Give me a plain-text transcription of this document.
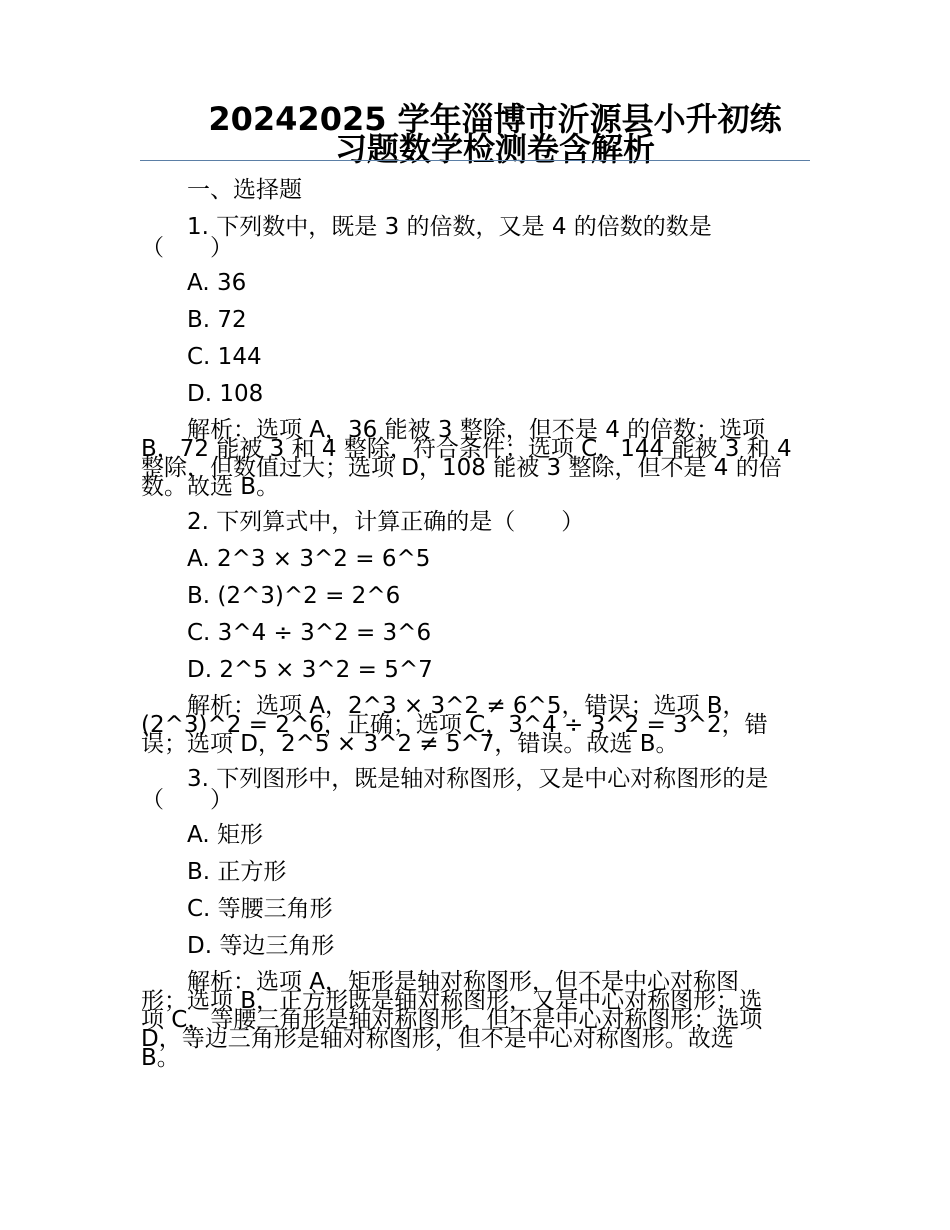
20242025 学年淄博市沂源县小升初练
习题数学检测卷含解析
一、选择题
1. 下列数中，既是 3 的倍数，又是 4 的倍数的数是
（　　）
A. 36
B. 72
C. 144
D. 108
解析：选项 A，36 能被 3 整除，但不是 4 的倍数；选项
B，72 能被 3 和 4 整除，符合条件；选项 C，144 能被 3 和 4
整除，但数值过大；选项 D，108 能被 3 整除，但不是 4 的倍
数。故选 B。
2. 下列算式中，计算正确的是（　　）
A. 2^3 × 3^2 = 6^5
B. (2^3)^2 = 2^6
C. 3^4 ÷ 3^2 = 3^6
D. 2^5 × 3^2 = 5^7
解析：选项 A，2^3 × 3^2 ≠ 6^5，错误；选项 B，
(2^3)^2 = 2^6，正确；选项 C，3^4 ÷ 3^2 = 3^2，错
误；选项 D，2^5 × 3^2 ≠ 5^7，错误。故选 B。
3. 下列图形中，既是轴对称图形，又是中心对称图形的是
（　　）
A. 矩形
B. 正方形
C. 等腰三角形
D. 等边三角形
解析：选项 A，矩形是轴对称图形，但不是中心对称图
形；选项 B，正方形既是轴对称图形，又是中心对称图形；选
项 C，等腰三角形是轴对称图形，但不是中心对称图形；选项
D，等边三角形是轴对称图形，但不是中心对称图形。故选
B。
